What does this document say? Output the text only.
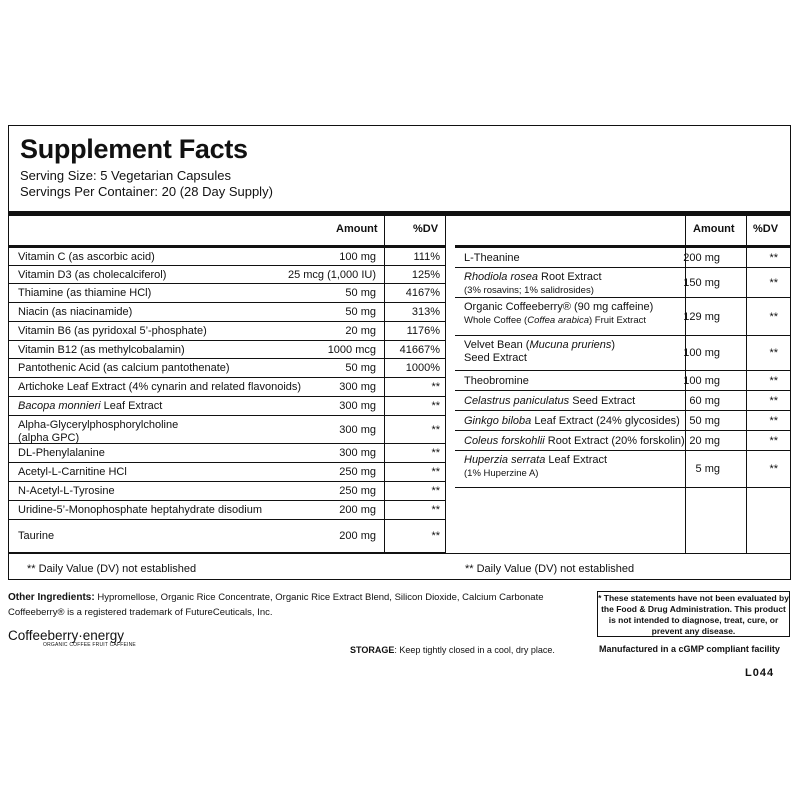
Supplement Facts
Serving Size: 5 Vegetarian Capsules
Servings Per Container: 20 (28 Day Supply)
Amount	%DV
Vitamin C (as ascorbic acid)	100 mg	111%
Vitamin D3 (as cholecalciferol)	25 mcg (1,000 IU)	125%
Thiamine (as thiamine HCl)	50 mg	4167%
Niacin (as niacinamide)	50 mg	313%
Vitamin B6 (as pyridoxal 5’-phosphate)	20 mg	1176%
Vitamin B12 (as methylcobalamin)	1000 mcg 41667%
Pantothenic Acid (as calcium pantothenate)	50 mg	1000%
Artichoke Leaf Extract (4% cynarin and related flavonoids)	300 mg	**
Bacopa monnieri Leaf Extract	300 mg	**
Alpha-Glycerylphosphorylcholine
(alpha GPC)
300 mg	**
DL-Phenylalanine	300 mg	**
Acetyl-L-Carnitine HCl	250 mg	**
N-Acetyl-L-Tyrosine	250 mg	**
Uridine-5’-Monophosphate heptahydrate disodium	200 mg	**
Taurine	200 mg	**
Amount %DV
L-Theanine	200 mg	**
Rhodiola rosea Root Extract
(3% rosavins; 1% salidrosides)
150 mg	**
Organic Coffeeberry® (90 mg caffeine)
Whole Coffee (Coffea arabica) Fruit Extract	129 mg	**
Velvet Bean (Mucuna pruriens)
Seed Extract	100 mg	**
Theobromine	100 mg	**
Celastrus paniculatus Seed Extract	60 mg	**
Ginkgo biloba Leaf Extract (24% glycosides) 50 mg	**
Coleus forskohlii Root Extract (20% forskolin) 20 mg	**
Huperzia serrata Leaf Extract
(1% Huperzine A)	5 mg	**
** Daily Value (DV) not established	** Daily Value (DV) not established
Other Ingredients: Hypromellose, Organic Rice Concentrate, Organic Rice Extract Blend, Silicon Dioxide, Calcium Carbonate
Coffeeberry® is a registered trademark of FutureCeuticals, Inc.
* These statements have not been evaluated by the Food & Drug Administration. This product is not intended to diagnose, treat, cure, or prevent any disease.
Coffeeberry·energy
ORGANIC COFFEE FRUIT CAFFEINE	STORAGE: Keep tightly closed in a cool, dry place.	Manufactured in a cGMP compliant facility
L044
